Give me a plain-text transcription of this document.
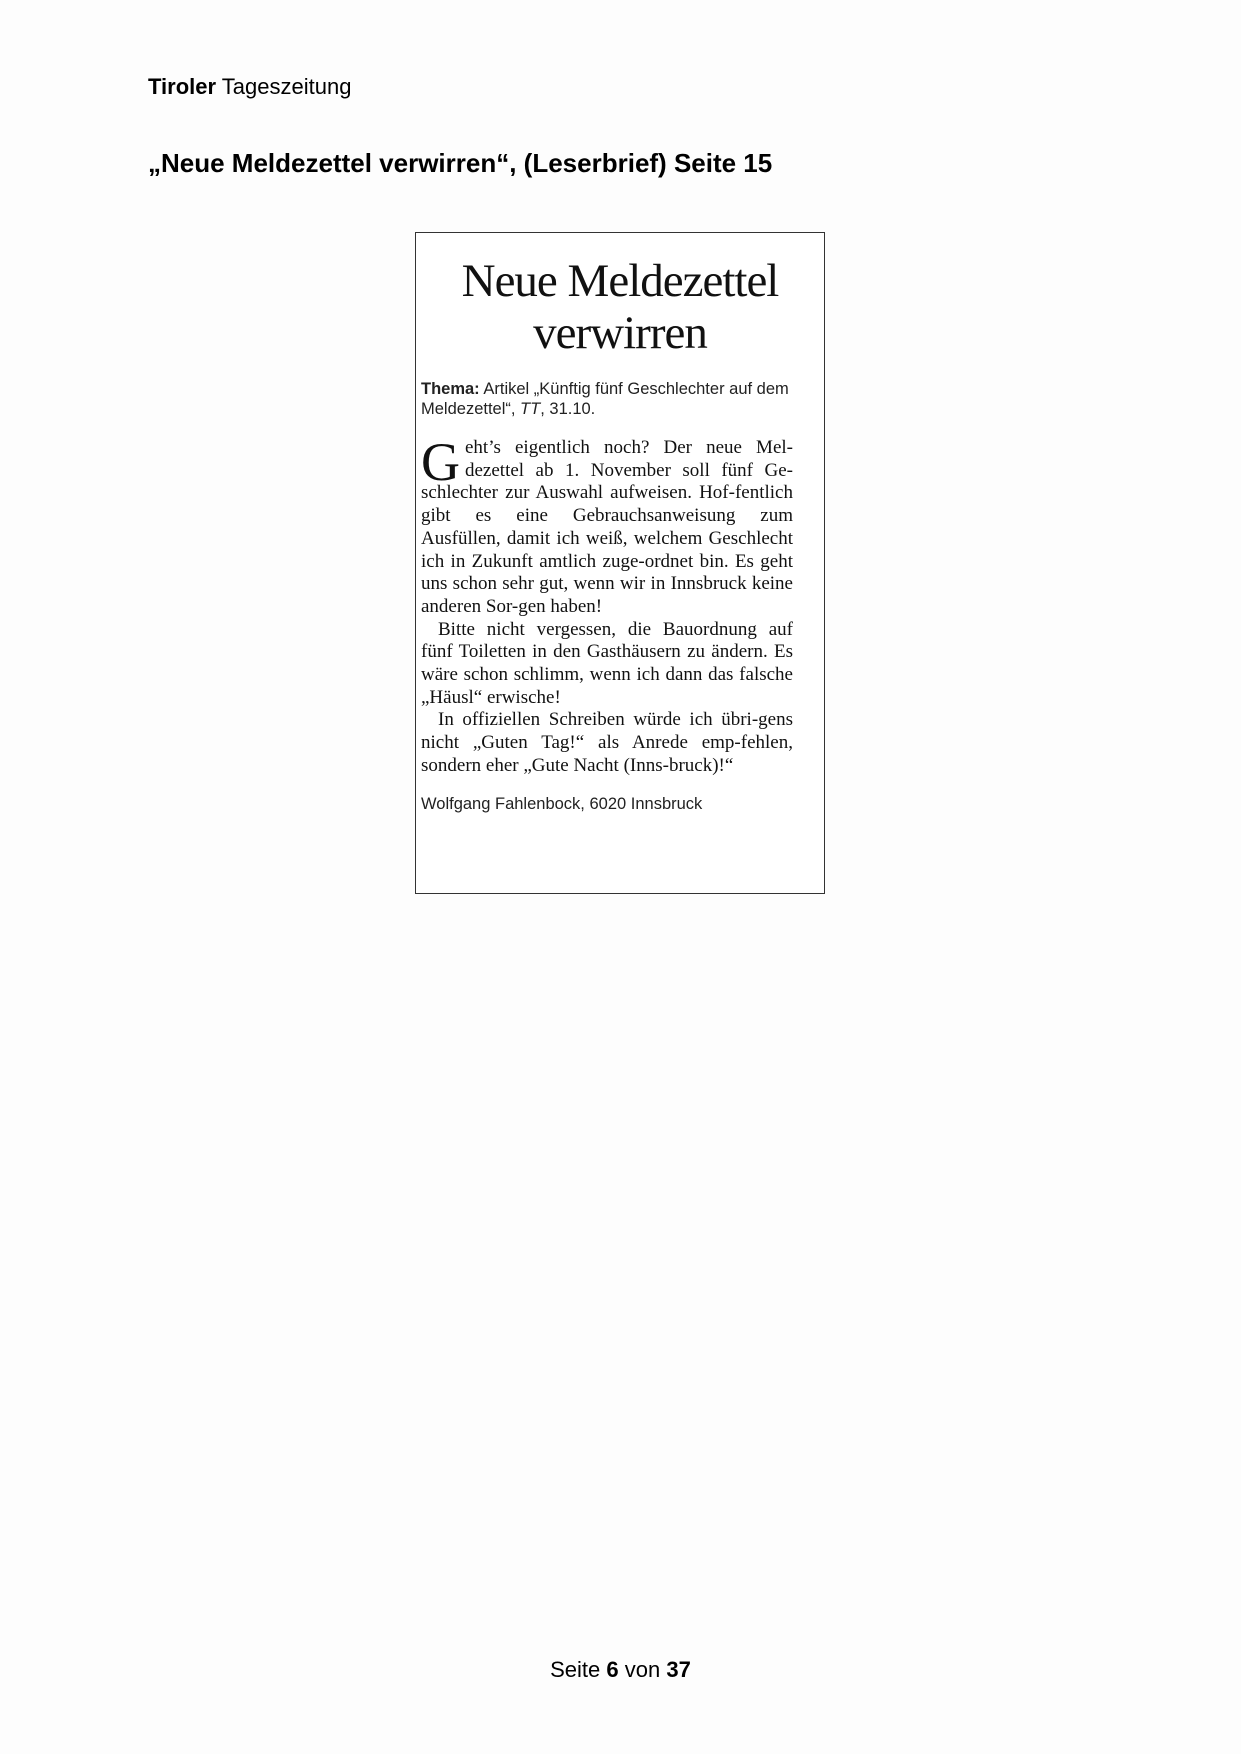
Tiroler Tageszeitung
„Neue Meldezettel verwirren“, (Leserbrief) Seite 15
Neue Meldezettel
verwirren
Thema: Artikel „Künftig fünf Geschlechter auf dem Meldezettel“, TT, 31.10.

Geht’s eigentlich noch? Der neue Mel-dezettel ab 1. November soll fünf Ge-schlechter zur Auswahl aufweisen. Hof-fentlich gibt es eine Gebrauchsanweisung zum Ausfüllen, damit ich weiß, welchem Geschlecht ich in Zukunft amtlich zuge-ordnet bin. Es geht uns schon sehr gut, wenn wir in Innsbruck keine anderen Sor-gen haben!

Bitte nicht vergessen, die Bauordnung auf fünf Toiletten in den Gasthäusern zu ändern. Es wäre schon schlimm, wenn ich dann das falsche „Häusl“ erwische!

In offiziellen Schreiben würde ich übri-gens nicht „Guten Tag!“ als Anrede emp-fehlen, sondern eher „Gute Nacht (Inns-bruck)!“

Wolfgang Fahlenbock, 6020 Innsbruck
Seite 6 von 37
